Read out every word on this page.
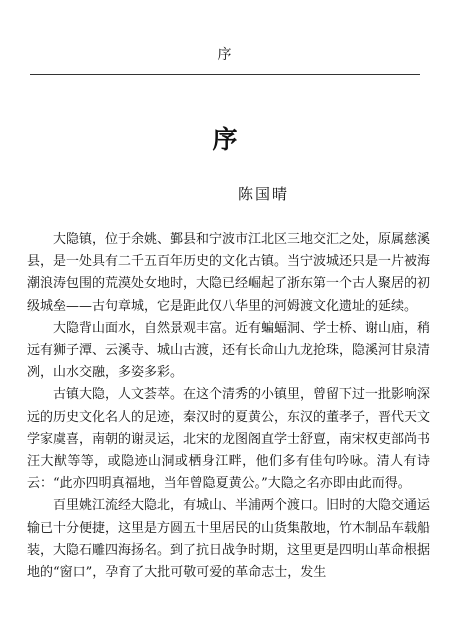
序
序
陈国晴

大隐镇，位于余姚、鄞县和宁波市江北区三地交汇之处，原属慈溪县，是一处具有二千五百年历史的文化古镇。当宁波城还只是一片被海潮浪涛包围的荒漠处女地时，大隐已经崛起了浙东第一个古人聚居的初级城垒——古句章城，它是距此仅八华里的河姆渡文化遗址的延续。

大隐背山面水，自然景观丰富。近有蝙蝠洞、学士桥、谢山庙，稍远有狮子潭、云溪寺、城山古渡，还有长命山九龙抢珠，隐溪河甘泉清冽，山水交融，多姿多彩。

古镇大隐，人文荟萃。在这个清秀的小镇里，曾留下过一批影响深远的历史文化名人的足迹，秦汉时的夏黄公，东汉的董孝子，晋代天文学家虞喜，南朝的谢灵运，北宋的龙图阁直学士舒亶，南宋权吏部尚书汪大猷等等，或隐迹山洞或栖身江畔，他们多有佳句吟咏。清人有诗云：“此亦四明真福地，当年曾隐夏黄公。”大隐之名亦即由此而得。

百里姚江流经大隐北，有城山、半浦两个渡口。旧时的大隐交通运输已十分便捷，这里是方圆五十里居民的山货集散地，竹木制品车载船装，大隐石雕四海扬名。到了抗日战争时期，这里更是四明山革命根据地的“窗口”，孕育了大批可敬可爱的革命志士，发生
